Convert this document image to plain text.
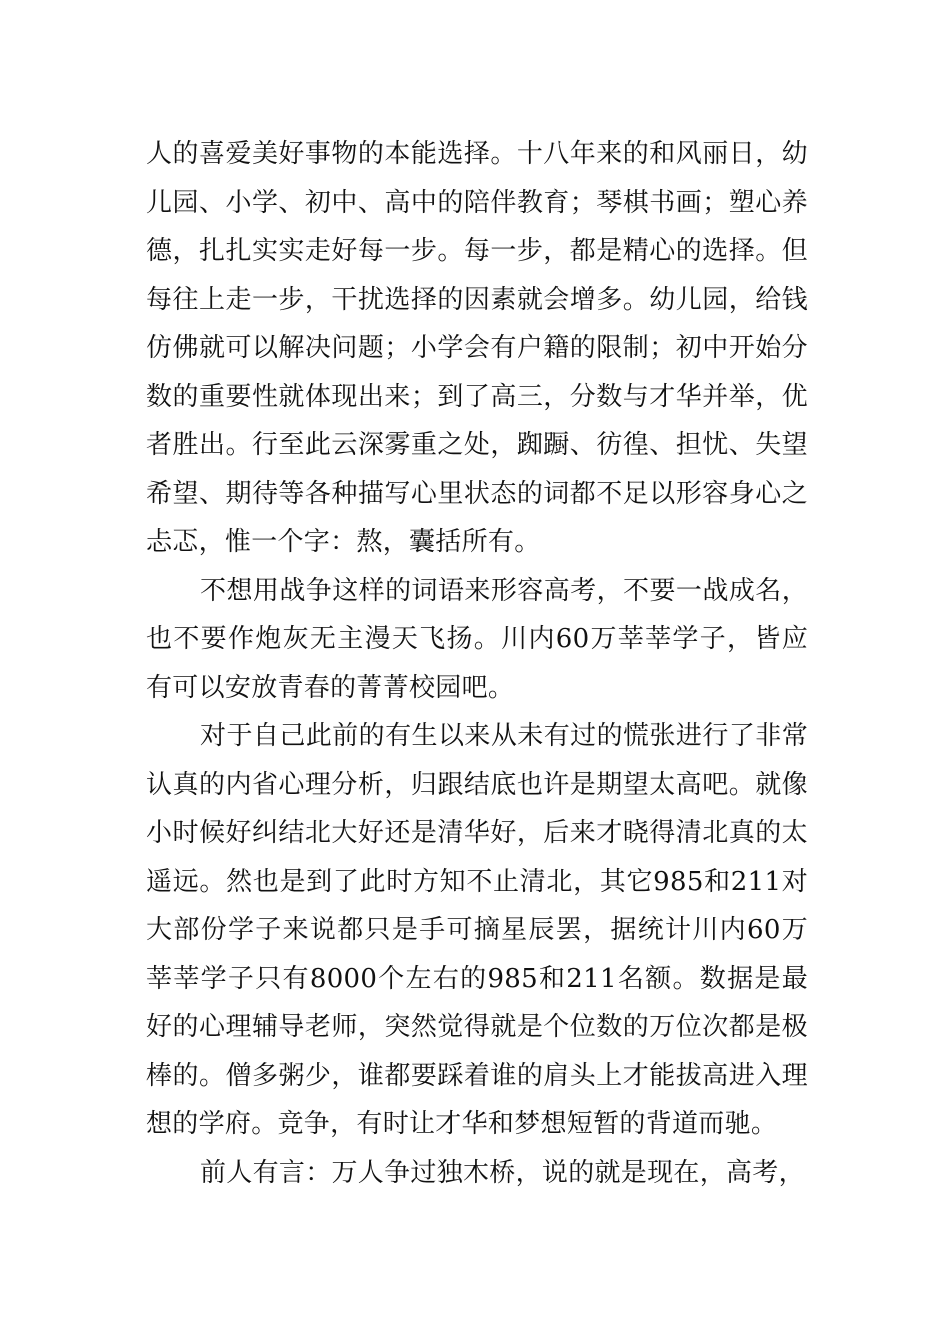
人的喜爱美好事物的本能选择。十八年来的和风丽日，幼儿园、小学、初中、高中的陪伴教育；琴棋书画；塑心养德，扎扎实实走好每一步。每一步，都是精心的选择。但每往上走一步，干扰选择的因素就会增多。幼儿园，给钱仿佛就可以解决问题；小学会有户籍的限制；初中开始分数的重要性就体现出来；到了高三，分数与才华并举，优者胜出。行至此云深雾重之处，踟蹰、彷徨、担忧、失望希望、期待等各种描写心里状态的词都不足以形容身心之忐忑，惟一个字：熬，囊括所有。

不想用战争这样的词语来形容高考，不要一战成名，也不要作炮灰无主漫天飞扬。川内60万莘莘学子，皆应有可以安放青春的菁菁校园吧。

对于自己此前的有生以来从未有过的慌张进行了非常认真的内省心理分析，归跟结底也许是期望太高吧。就像小时候好纠结北大好还是清华好，后来才晓得清北真的太遥远。然也是到了此时方知不止清北，其它985和211对大部份学子来说都只是手可摘星辰罢，据统计川内60万莘莘学子只有8000个左右的985和211名额。数据是最好的心理辅导老师，突然觉得就是个位数的万位次都是极棒的。僧多粥少，谁都要踩着谁的肩头上才能拔高进入理想的学府。竞争，有时让才华和梦想短暂的背道而驰。

前人有言：万人争过独木桥，说的就是现在，高考，
